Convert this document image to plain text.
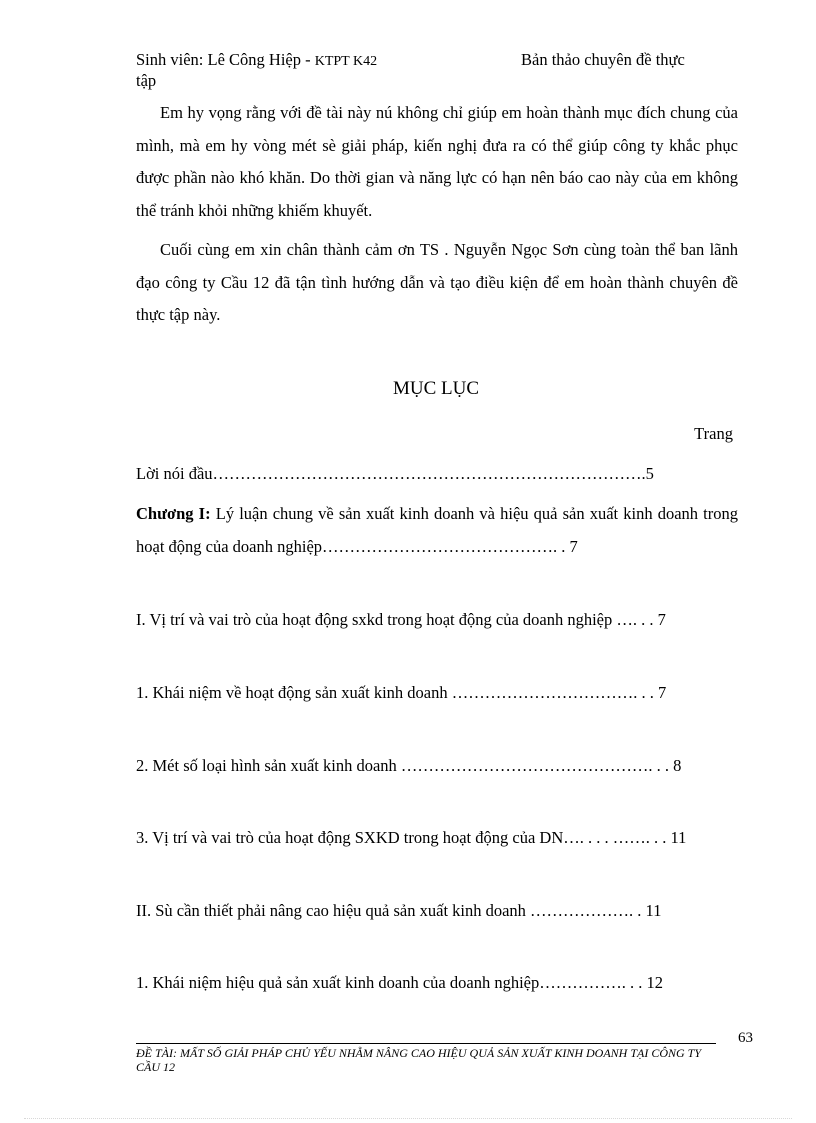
Sinh viên: Lê Công Hiệp - KTPT K42	Bản thảo chuyên đề thực
tập

Em hy vọng rằng với đề tài này nú không chỉ giúp em hoàn thành mục đích chung của mình, mà em hy vòng mét sè giải pháp, kiến nghị đưa ra có thể giúp công ty khắc phục được phần nào khó khăn. Do thời gian và năng lực có hạn nên báo cao này của em không thể tránh khỏi những khiếm khuyết.

Cuối cùng em xin chân thành cảm ơn TS . Nguyễn Ngọc Sơn cùng toàn thể ban lãnh đạo công ty Cầu 12 đã tận tình hướng dẫn và tạo điều kiện để em hoàn thành chuyên đề thực tập này.

MỤC LỤC
Trang

Lời nói đầu…………………………………………………………………….5

Chương I: Lý luận chung về sản xuất kinh doanh và hiệu quả sản xuất kinh doanh trong hoạt động của doanh nghiệp……………………………………. . 7

I. Vị trí và vai trò của hoạt động sxkd trong hoạt động của doanh nghiệp …. . . 7

1. Khái niệm về hoạt động sản xuất kinh doanh ……………………………. . . 7

2. Mét số loại hình sản xuất kinh doanh ………………………………………. . . 8

3. Vị trí và vai trò của hoạt động SXKD trong hoạt động của DN…. . . . ……. . . 11

II. Sù cần thiết phải nâng cao hiệu quả sản xuất kinh doanh ………………. . 11

1. Khái niệm hiệu quả sản xuất kinh doanh của doanh nghiệp……………. . . 12

63
ĐỀ TÀI: MẤT SỐ GIẢI PHÁP CHỦ YẾU NHẰM NÂNG CAO HIỆU QUẢ SẢN XUẤT KINH DOANH TẠI CÔNG TY CẦU 12
